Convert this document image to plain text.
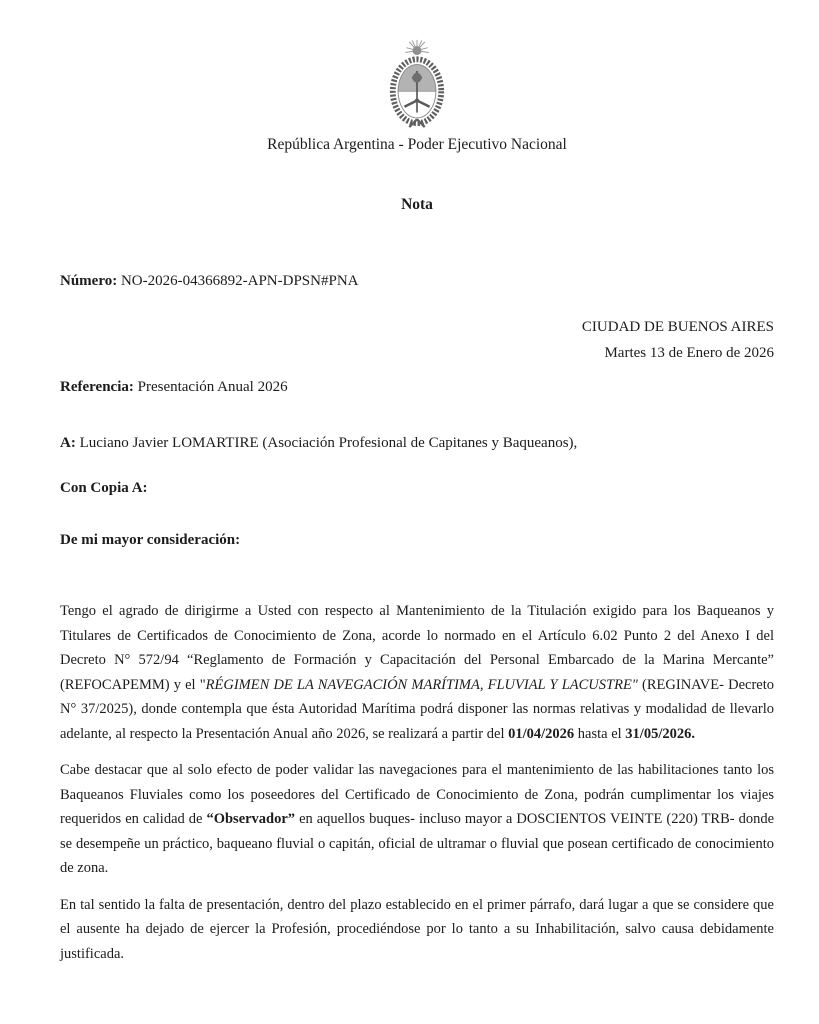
República Argentina - Poder Ejecutivo Nacional
Nota
Número: NO-2026-04366892-APN-DPSN#PNA
CIUDAD DE BUENOS AIRES
Martes 13 de Enero de 2026
Referencia: Presentación Anual 2026
A: Luciano Javier LOMARTIRE (Asociación Profesional de Capitanes y Baqueanos),
Con Copia A:
De mi mayor consideración:

Tengo el agrado de dirigirme a Usted con respecto al Mantenimiento de la Titulación exigido para los Baqueanos y Titulares de Certificados de Conocimiento de Zona, acorde lo normado en el Artículo 6.02 Punto 2 del Anexo I del Decreto N° 572/94 “Reglamento de Formación y Capacitación del Personal Embarcado de la Marina Mercante” (REFOCAPEMM) y el "RÉGIMEN DE LA NAVEGACIÓN MARÍTIMA, FLUVIAL Y LACUSTRE" (REGINAVE- Decreto N° 37/2025), donde contempla que ésta Autoridad Marítima podrá disponer las normas relativas y modalidad de llevarlo adelante, al respecto la Presentación Anual año 2026, se realizará a partir del 01/04/2026 hasta el 31/05/2026.

Cabe destacar que al solo efecto de poder validar las navegaciones para el mantenimiento de las habilitaciones tanto los Baqueanos Fluviales como los poseedores del Certificado de Conocimiento de Zona, podrán cumplimentar los viajes requeridos en calidad de “Observador” en aquellos buques- incluso mayor a DOSCIENTOS VEINTE (220) TRB- donde se desempeñe un práctico, baqueano fluvial o capitán, oficial de ultramar o fluvial que posean certificado de conocimiento de zona.

En tal sentido la falta de presentación, dentro del plazo establecido en el primer párrafo, dará lugar a que se considere que el ausente ha dejado de ejercer la Profesión, procediéndose por lo tanto a su Inhabilitación, salvo causa debidamente justificada.
